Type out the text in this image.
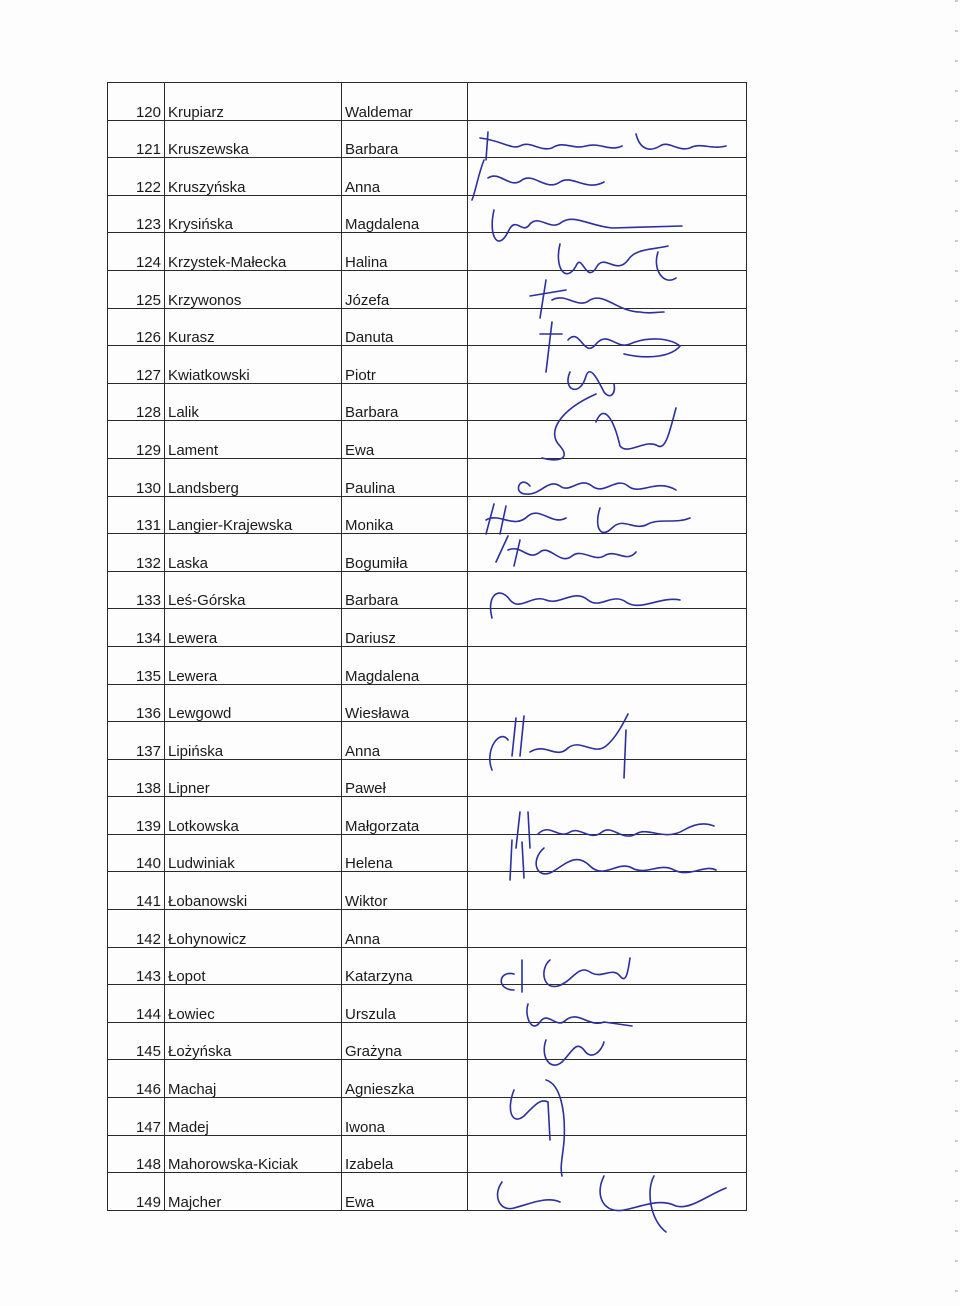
120	Krupiarz	Waldemar	
121	Kruszewska	Barbara	
122	Kruszyńska	Anna	
123	Krysińska	Magdalena	
124	Krzystek-Małecka	Halina	
125	Krzywonos	Józefa	
126	Kurasz	Danuta	
127	Kwiatkowski	Piotr	
128	Lalik	Barbara	
129	Lament	Ewa	
130	Landsberg	Paulina	
131	Langier-Krajewska	Monika	
132	Laska	Bogumiła	
133	Leś-Górska	Barbara	
134	Lewera	Dariusz	
135	Lewera	Magdalena	
136	Lewgowd	Wiesława	
137	Lipińska	Anna	
138	Lipner	Paweł	
139	Lotkowska	Małgorzata	
140	Ludwiniak	Helena	
141	Łobanowski	Wiktor	
142	Łohynowicz	Anna	
143	Łopot	Katarzyna	
144	Łowiec	Urszula	
145	Łożyńska	Grażyna	
146	Machaj	Agnieszka	
147	Madej	Iwona	
148	Mahorowska-Kiciak	Izabela	
149	Majcher	Ewa	
